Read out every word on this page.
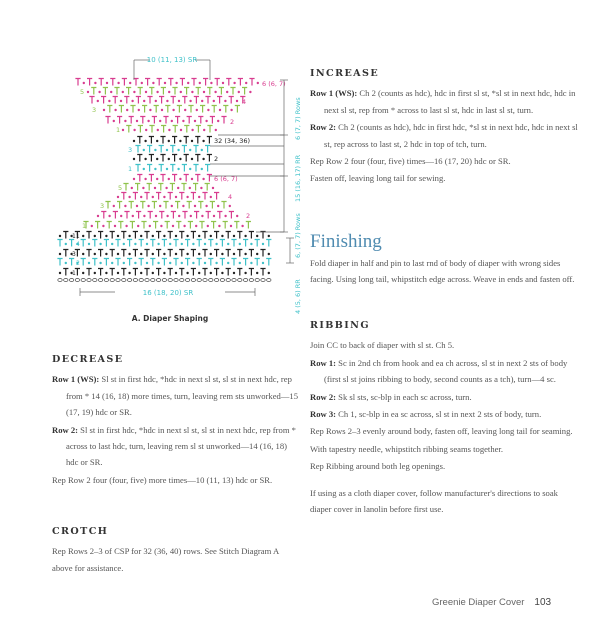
6 (6, 7)
5
4
3
2
1
32 (34, 36)
3
2
1
6 (6, 7)
5
4
3
2
1
11
4
3
2
1
10 (11, 13) SR
16 (18, 20) SR
6 (7, 7) Rows
15 (16, 17) RR
6, (7, 7) Rows
4 (5, 6) RR
A. Diaper Shaping
DECREASE
Row 1 (WS): Sl st in first hdc, *hdc in next sl st, sl st in next hdc, rep from * 14 (16, 18) more times, turn, leaving rem sts unworked—15 (17, 19) hdc or SR.
Row 2: Sl st in first hdc, *hdc in next sl st, sl st in next hdc, rep from * across to last hdc, turn, leaving rem sl st unworked—14 (16, 18) hdc or SR.
Rep Row 2 four (four, five) more times—10 (11, 13) hdc or SR.
CROTCH
Rep Rows 2–3 of CSP for 32 (36, 40) rows. See Stitch Diagram A above for assistance.
INCREASE
Row 1 (WS): Ch 2 (counts as hdc), hdc in first sl st, *sl st in next hdc, hdc in next sl st, rep from * across to last sl st, hdc in last sl st, turn.
Row 2: Ch 2 (counts as hdc), hdc in first hdc, *sl st in next hdc, hdc in next sl st, rep across to last st, 2 hdc in top of tch, turn.
Rep Row 2 four (four, five) times—16 (17, 20) hdc or SR.
Fasten off, leaving long tail for sewing.
Finishing
Fold diaper in half and pin to last rnd of body of diaper with wrong sides facing. Using long tail, whipstitch edge across. Weave in ends and fasten off.
RIBBING
Join CC to back of diaper with sl st. Ch 5.
Row 1: Sc in 2nd ch from hook and ea ch across, sl st in next 2 sts of body (first sl st joins ribbing to body, second counts as a tch), turn—4 sc.
Row 2: Sk sl sts, sc-blp in each sc across, turn.
Row 3: Ch 1, sc-blp in ea sc across, sl st in next 2 sts of body, turn.
Rep Rows 2–3 evenly around body, fasten off, leaving long tail for seaming.
With tapestry needle, whipstitch ribbing seams together.
Rep Ribbing around both leg openings.
If using as a cloth diaper cover, follow manufacturer's directions to soak diaper cover in lanolin before first use.
Greenie Diaper Cover 103
